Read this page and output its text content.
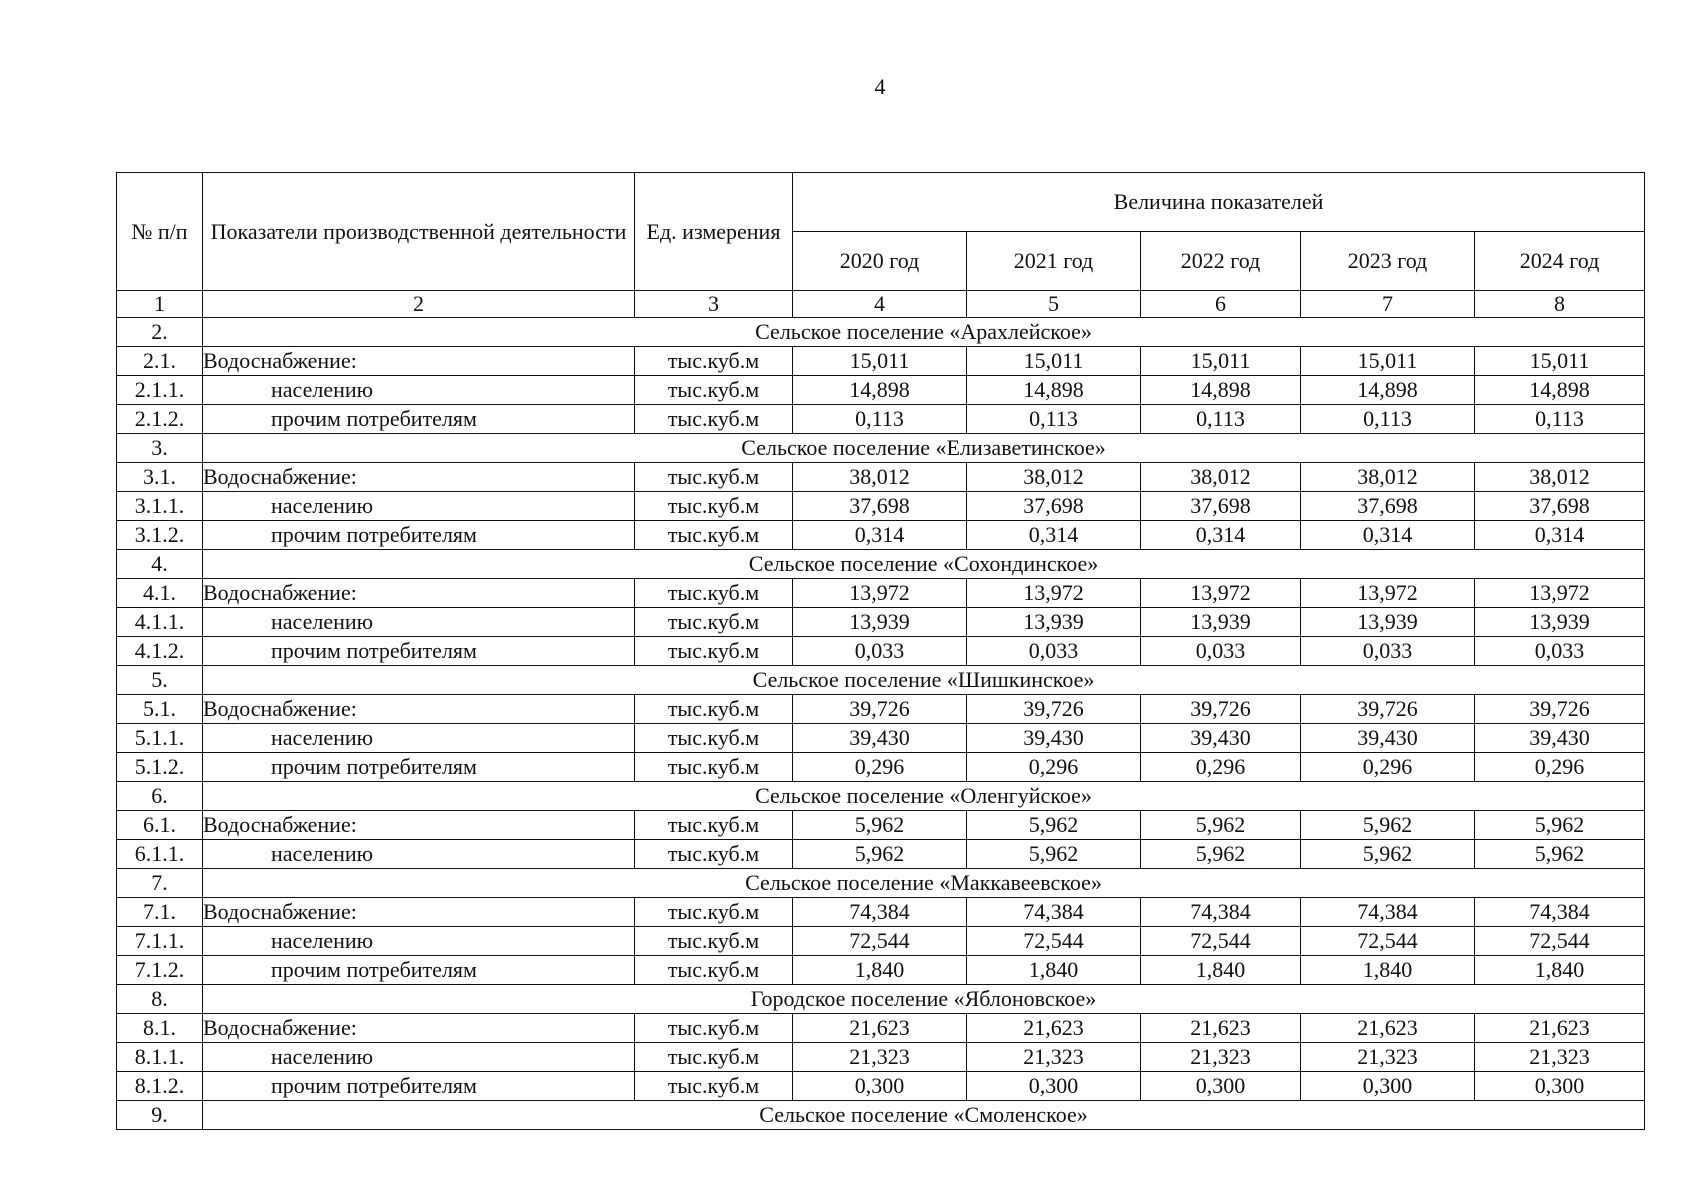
4
№ п/п	Показатели производственной деятельности	Ед. измерения	Величина показателей				
			2020 год	2021 год	2022 год	2023 год	2024 год
1	2	3	4	5	6	7	8
2.	Сельское поселение «Арахлейское»						
2.1.	Водоснабжение:	тыс.куб.м	15,011	15,011	15,011	15,011	15,011
2.1.1.	населению	тыс.куб.м	14,898	14,898	14,898	14,898	14,898
2.1.2.	прочим потребителям	тыс.куб.м	0,113	0,113	0,113	0,113	0,113
3.	Сельское поселение «Елизаветинское»						
3.1.	Водоснабжение:	тыс.куб.м	38,012	38,012	38,012	38,012	38,012
3.1.1.	населению	тыс.куб.м	37,698	37,698	37,698	37,698	37,698
3.1.2.	прочим потребителям	тыс.куб.м	0,314	0,314	0,314	0,314	0,314
4.	Сельское поселение «Сохондинское»						
4.1.	Водоснабжение:	тыс.куб.м	13,972	13,972	13,972	13,972	13,972
4.1.1.	населению	тыс.куб.м	13,939	13,939	13,939	13,939	13,939
4.1.2.	прочим потребителям	тыс.куб.м	0,033	0,033	0,033	0,033	0,033
5.	Сельское поселение «Шишкинское»						
5.1.	Водоснабжение:	тыс.куб.м	39,726	39,726	39,726	39,726	39,726
5.1.1.	населению	тыс.куб.м	39,430	39,430	39,430	39,430	39,430
5.1.2.	прочим потребителям	тыс.куб.м	0,296	0,296	0,296	0,296	0,296
6.	Сельское поселение «Оленгуйское»						
6.1.	Водоснабжение:	тыс.куб.м	5,962	5,962	5,962	5,962	5,962
6.1.1.	населению	тыс.куб.м	5,962	5,962	5,962	5,962	5,962
7.	Сельское поселение «Маккавеевское»						
7.1.	Водоснабжение:	тыс.куб.м	74,384	74,384	74,384	74,384	74,384
7.1.1.	населению	тыс.куб.м	72,544	72,544	72,544	72,544	72,544
7.1.2.	прочим потребителям	тыс.куб.м	1,840	1,840	1,840	1,840	1,840
8.	Городское поселение «Яблоновское»						
8.1.	Водоснабжение:	тыс.куб.м	21,623	21,623	21,623	21,623	21,623
8.1.1.	населению	тыс.куб.м	21,323	21,323	21,323	21,323	21,323
8.1.2.	прочим потребителям	тыс.куб.м	0,300	0,300	0,300	0,300	0,300
9.	Сельское поселение «Смоленское»						
